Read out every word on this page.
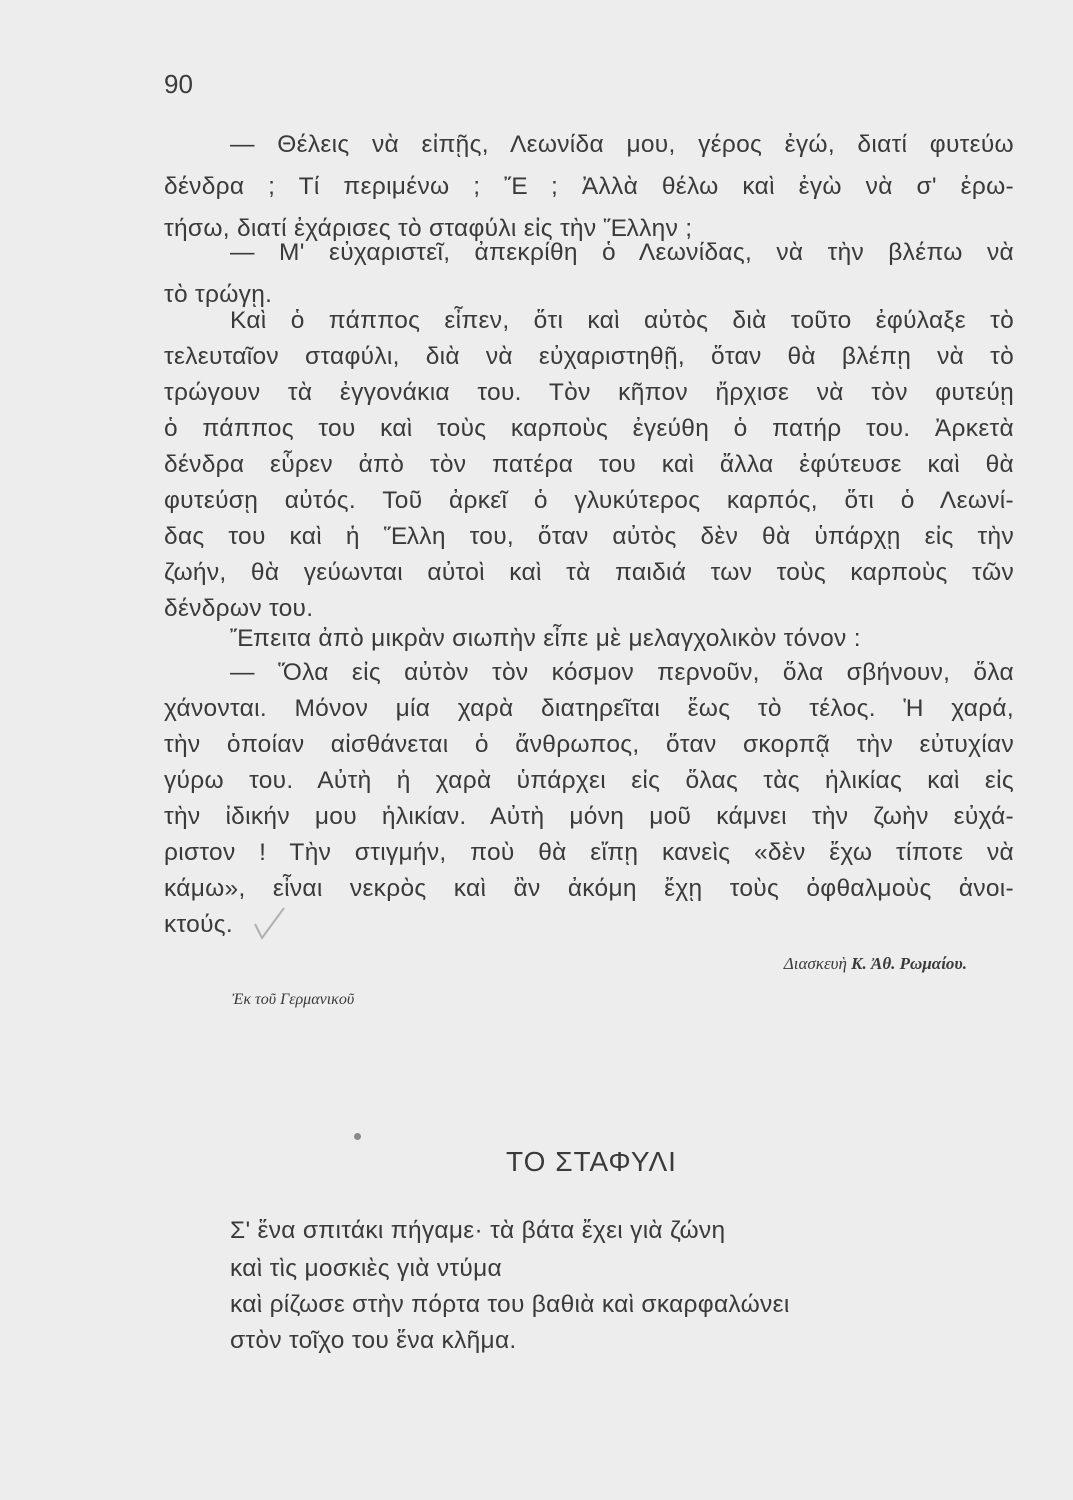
90
— Θέλεις νὰ εἰπῇς, Λεωνίδα μου, γέρος ἐγώ, διατί φυτεύω
δένδρα ; Τί περιμένω ; Ἔ ; Ἀλλὰ θέλω καὶ ἐγὼ νὰ σ' ἐρω-
τήσω, διατί ἐχάρισες τὸ σταφύλι εἰς τὴν Ἕλλην ;
— Μ' εὐχαριστεῖ, ἀπεκρίθη ὁ Λεωνίδας, νὰ τὴν βλέπω νὰ
τὸ τρώγῃ.
Καὶ ὁ πάππος εἶπεν, ὅτι καὶ αὐτὸς διὰ τοῦτο ἐφύλαξε τὸ
τελευταῖον σταφύλι, διὰ νὰ εὐχαριστηθῇ, ὅταν θὰ βλέπῃ νὰ τὸ
τρώγουν τὰ ἐγγονάκια του. Τὸν κῆπον ἤρχισε νὰ τὸν φυτεύῃ
ὁ πάππος του καὶ τοὺς καρποὺς ἐγεύθη ὁ πατήρ του. Ἀρκετὰ
δένδρα εὗρεν ἀπὸ τὸν πατέρα του καὶ ἄλλα ἐφύτευσε καὶ θὰ
φυτεύσῃ αὐτός. Τοῦ ἀρκεῖ ὁ γλυκύτερος καρπός, ὅτι ὁ Λεωνί-
δας του καὶ ἡ Ἕλλη του, ὅταν αὐτὸς δὲν θὰ ὑπάρχῃ εἰς τὴν
ζωήν, θὰ γεύωνται αὐτοὶ καὶ τὰ παιδιά των τοὺς καρποὺς τῶν
δένδρων του.
Ἔπειτα ἀπὸ μικρὰν σιωπὴν εἶπε μὲ μελαγχολικὸν τόνον :
— Ὅλα εἰς αὐτὸν τὸν κόσμον περνοῦν, ὅλα σβήνουν, ὅλα
χάνονται. Μόνον μία χαρὰ διατηρεῖται ἕως τὸ τέλος. Ἡ χαρά,
τὴν ὁποίαν αἰσθάνεται ὁ ἄνθρωπος, ὅταν σκορπᾷ τὴν εὐτυχίαν
γύρω του. Αὐτὴ ἡ χαρὰ ὑπάρχει εἰς ὅλας τὰς ἡλικίας καὶ εἰς
τὴν ἰδικήν μου ἡλικίαν. Αὐτὴ μόνη μοῦ κάμνει τὴν ζωὴν εὐχά-
ριστον ! Τὴν στιγμήν, ποὺ θὰ εἴπῃ κανεὶς «δὲν ἔχω τίποτε νὰ
κάμω», εἶναι νεκρὸς καὶ ἂν ἀκόμη ἔχῃ τοὺς ὀφθαλμοὺς ἀνοι-
κτούς.
Διασκευὴ Κ. Ἀθ. Ρωμαίου.
Ἐκ τοῦ Γερμανικοῦ
ΤΟ ΣΤΑΦΥΛΙ
Σ' ἕνα σπιτάκι πήγαμε· τὰ βάτα ἔχει γιὰ ζώνη
καὶ τὶς μοσκιὲς γιὰ ντύμα
καὶ ρίζωσε στὴν πόρτα του βαθιὰ καὶ σκαρφαλώνει
στὸν τοῖχο του ἕνα κλῆμα.
